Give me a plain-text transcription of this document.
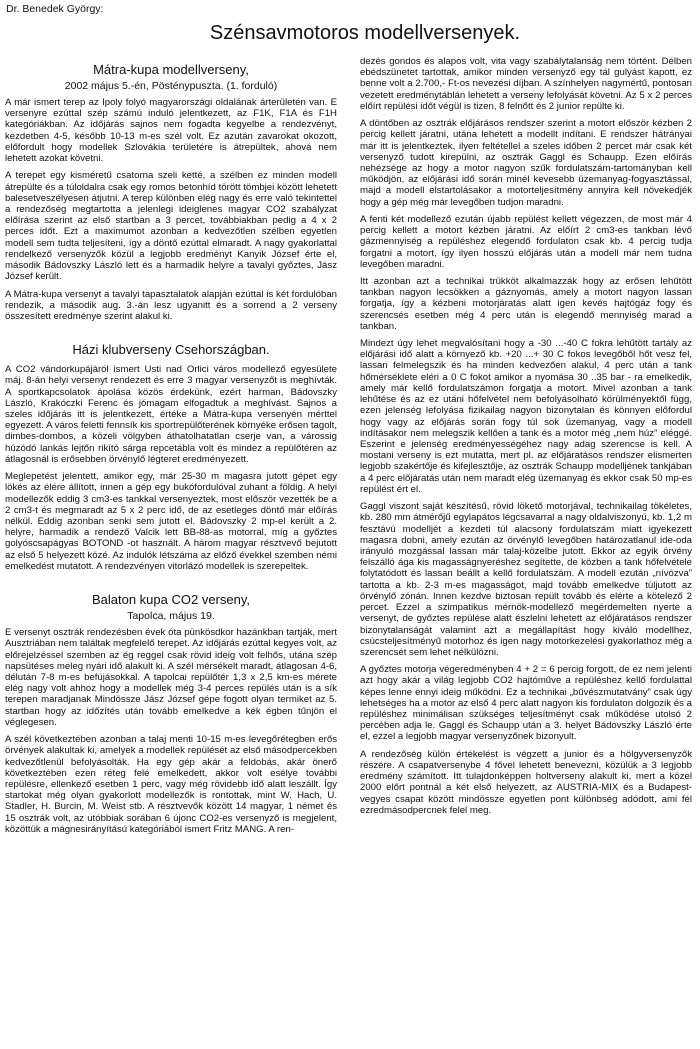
Dr. Benedek György:
Szénsavmotoros modellversenyek.
Mátra-kupa modellverseny,
2002 május 5.-én, Pösténypuszta. (1. forduló)

A már ismert terep az Ipoly folyó magyarországi oldalának árterületén van. E versenyre ezúttal szép számú induló jelentkezett, az F1K, F1A és F1H kategóriákban. Az időjárás sajnos nem fogadta kegyelbe a rendezvényt, kezdetben 4-5, később 10-13 m-es szél volt. Ez azután zavarokat okozott, előfordult hogy modellek Szlovákia területére is átrepültek, ahová nem lehetett azokat követni.

A terepet egy kisméretű csatorna szeli ketté, a szélben ez minden modell átrepülte és a túloldalra csak egy romos betonhíd törött tömbjei között lehetett balesetveszélyesen átjutni. A terep különben elég nagy és erre való tekintettel a rendezőség megtartotta a jelenlegi ideiglenes magyar CO2 szabályzat előírása szerint az első startban a 3 percet, továbbiakban pedig a 4 x 2 perces időt. Ezt a maximumot azonban a kedvezőtlen szélben egyetlen modell sem tudta teljesíteni, így a döntő ezúttal elmaradt. A nagy gyakorlattal rendelkező versenyzők közül a legjobb eredményt Kanyik József érte el, második Bádovszky László lett és a harmadik helyre a tavalyi győztes, Jász József került.

A Mátra-kupa versenyt a tavalyi tapasztalatok alapján ezúttal is két fordulóban rendezik, a második aug. 3.-án lesz ugyanitt és a sorrend a 2 verseny összesített eredménye szerint alakul ki.

Házi klubverseny Csehországban.

A CO2 vándorkupájáról ismert Usti nad Orlici város modellező egyesülete máj. 8-án helyi versenyt rendezett és erre 3 magyar versenyzőt is meghívták. A sportkapcsolatok ápolása közös érdekünk, ezért harman, Bádovszky László, Krakóczki Ferenc és jómagam elfogadtuk a meghívást. Sajnos a szeles időjárás itt is jelentkezett, értéke a Mátra-kupa versenyén mérttel egyezett. A város feletti fennsík kis sportrepülőterének környéke erősen tagolt, dimbes-dombos, a közeli völgyben áthatolhatatlan cserje van, a várossig húzódó lankás lejtőn rikító sárga repcetábla volt és mindez a repülőtéren az átlagosnál is erősebben örvénylő légteret eredményezett.

Meglepetést jelentett, amikor egy, már 25-30 m magasra jutott gépet egy lökés az élére állított, innen a gép egy bukófordulóval zuhant a földig. A helyi modellezők eddig 3 cm3-es tankkal versenyeztek, most először vezették be a 2 cm3-t és megmaradt az 5 x 2 perc idő, de az esetleges döntő már előírás nélkül. Eddig azonban senki sem jutott el. Bádovszky 2 mp-el került a 2. helyre, harmadik a rendező Valcik lett BB-88-as motorral, míg a győztes golyóscsapágyas BOTOND -ot használt. A három magyar résztvevő bejutott az első 5 helyezett közé. Az indulók létszáma az előző évekkel szemben némi emelkedést mutatott. A rendezvényen vitorlázó modellek is szerepeltek.

Balaton kupa CO2 verseny,
Tapolca, május 19.

E versenyt osztrák rendezésben évek óta pünkösdkor hazánkban tartják, mert Ausztriában nem találtak megfelelő terepet. Az időjárás ezúttal kegyes volt, az előrejelzéssel szemben az ég reggel csak rövid ideig volt felhős, utána szép napsütéses meleg nyári idő alakult ki. A szél mérsékelt maradt, átlagosan 4-6, délután 7-8 m-es befújásokkal. A tapolcai repülőtér 1,3 x 2,5 km-es mérete elég nagy volt ahhoz hogy a modellek még 3-4 perces repülés után is a sík terepen maradjanak Mindössze Jász József gépe fogott olyan termiket az 5. startban hogy az időzítés után tovább emelkedve a kék égben tűnjön el véglegesen.

A szél következtében azonban a talaj menti 10-15 m-es levegőrétegben erős örvények alakultak ki, amelyek a modellek repülését az első másodpercekben kedvezőtlenül befolyásolták. Ha egy gép akár a feldobás, akár önerő következtében ezen réteg felé emelkedett, akkor volt esélye további repülésre, ellenkező esetben 1 perc, vagy még rövidebb idő alatt leszállt. Így startokat még olyan gyakorlott modellezők is rontottak, mint W. Hach, U. Stadler, H. Burcin, M. Weist stb. A résztvevők között 14 magyar, 1 német és 15 osztrák volt, az utóbbiak sorában 6 újonc CO2-es versenyző is megjelent, közöttük a mágnesirányítású kategóriából ismert Fritz MANG. A ren-

dezés gondos és alapos volt, vita vagy szabálytalanság nem történt. Délben ebédszünetet tartottak, amikor minden versenyző egy tál gulyást kapott, ez benne volt a 2.700,- Ft-os nevezési díjban. A színhelyen nagymértű, pontosan vezetett eredménytáblán lehetett a verseny lefolyását követni. Az 5 x 2 perces előírt repülési időt végül is tizen, 8 felnőtt és 2 junior repülte ki.

A döntőben az osztrák előjárásos rendszer szerint a motort először kézben 2 percig kellett járatni, utána lehetett a modellt indítani. E rendszer hátrányai már itt is jelentkeztek, ilyen feltétellel a szeles időben 2 percet már csak két versenyző tudott kirepülni, az osztrák Gaggl és Schaupp. Ezen előírás nehézsége az hogy a motor nagyon szűk fordulatszám-tartományban kell működjön, az előjárási idő során minél kevesebb üzemanyag-fogyasztással, majd a modell elstartolásakor a motorteljesítmény annyira kell növekedjék hogy a gép még már levegőben tudjon maradni.

A fenti két modellező ezután újabb repülést kellett végezzen, de most már 4 percig kellett a motort kézben járatni. Az előírt 2 cm3-es tankban lévő gázmennyiség a repüléshez elegendő fordulaton csak kb. 4 percig tudja forgatni a motort, így ilyen hosszú előjárás után a modell már nem tudna levegőben maradni.

Itt azonban azt a technikai trükköt alkalmazzák hogy az erősen lehűtött tankban nagyon lecsökken a gáznyomás, amely a motort nagyon lassan forgatja, így a kézbeni motorjáratás alatt igen kevés hajtógáz fogy és szerencsés esetben még 4 perc után is elegendő mennyiség marad a tankban.

Mindezt úgy lehet megvalósítani hogy a -30 ...-40 C fokra lehűtött tartály az előjárási idő alatt a környező kb. +20 ...+ 30 C fokos levegőből hőt vesz fel, lassan felmelegszik és ha minden kedvezően alakul, 4 perc után a tank hőmérséklete eléri a 0 C fokot amikor a nyomása 30 ..35 bar - ra emelkedik, amely már kellő fordulatszámon forgatja a motort. Mivel azonban a tank lehűtése és az ez utáni hőfelvétel nem befolyásolható körülményektől függ, ezen jelenség lefolyása fizikailag nagyon bizonytalan és könnyen előfordul hogy vagy az előjárás során fogy túl sok üzemanyag, vagy a modell indításakor nem melegszik kellően a tank és a motor még „nem húz” eléggé. Eszerint e jelenség eredményességéhez nagy adag szerencse is kell. A mostani verseny is ezt mutatta, mert pl. az előjáratásos rendszer elismerten legjobb szakértője és kifejlesztője, az osztrák Schaupp modelljének tankjában a 4 perc előjáratás után nem maradt elég üzemanyag és ekkor csak 50 mp-es repülést ért el.

Gaggl viszont saját készítésű, rövid lökető motorjával, technikailag tökéletes, kb. 280 mm átmérőjű egylapátos légcsavarral a nagy oldalviszonyú, kb. 1,2 m fesztávú modelljét a kezdeti túl alacsony fordulatszám miatt igyekezett magasra dobni, amely ezután az örvénylő levegőben határozatlanul ide-oda irányuló mozgással lassan már talaj-közelbe jutott. Ekkor az egyik örvény felszálló ága kis magasságnyeréshez segítette, de közben a tank hőfelvétele folytatódott és lassan beállt a kellő fordulatszám. A modell ezután „nívózva” tartotta a kb. 2-3 m-es magasságot, majd tovább emelkedve túljutott az örvénylő zónán. Innen kezdve biztosan repült tovább és elérte a kötelező 2 percet. Ezzel a szimpatikus mérnök-modellező megérdemelten nyerte a versenyt, de győztes repülése alatt észlelni lehetett az előjáratásos rendszer bizonytalanságát valamint azt a megállapítást hogy kiváló modellhez, csúcsteljesítményű motorhoz és igen nagy motorkezelési gyakorlathoz még a szerencsét sem lehet nélkülözni.

A győztes motorja végeredményben 4 + 2 = 6 percig forgott, de ez nem jelenti azt hogy akár a világ legjobb CO2 hajtóműve a repüléshez kellő fordulattal képes lenne ennyi ideig működni. Ez a technikai „bűvészmutatvány” csak úgy lehetséges ha a motor az első 4 perc alatt nagyon kis fordulaton dolgozik és a repüléshez minimálisan szükséges teljesítményt csak működése utolsó 2 percében adja le. Gaggl és Schaupp után a 3. helyet Bádovszky László érte el, ezzel a legjobb magyar versenyzőnek bizonyult.

A rendezőség külön értékelést is végzett a junior és a hölgyversenyzők részére. A csapatversenybe 4 fővel lehetett benevezni, közülük a 3 legjobb eredmény számított. Itt tulajdonképpen holtverseny alakult ki, mert a közel 2000 előrt pontnál a két első helyezett, az AUSTRIA-MIX és a Budapest-vegyes csapat között mindössze egyetlen pont különbség adódott, ami fél ezredmásodpercnek felel meg.
